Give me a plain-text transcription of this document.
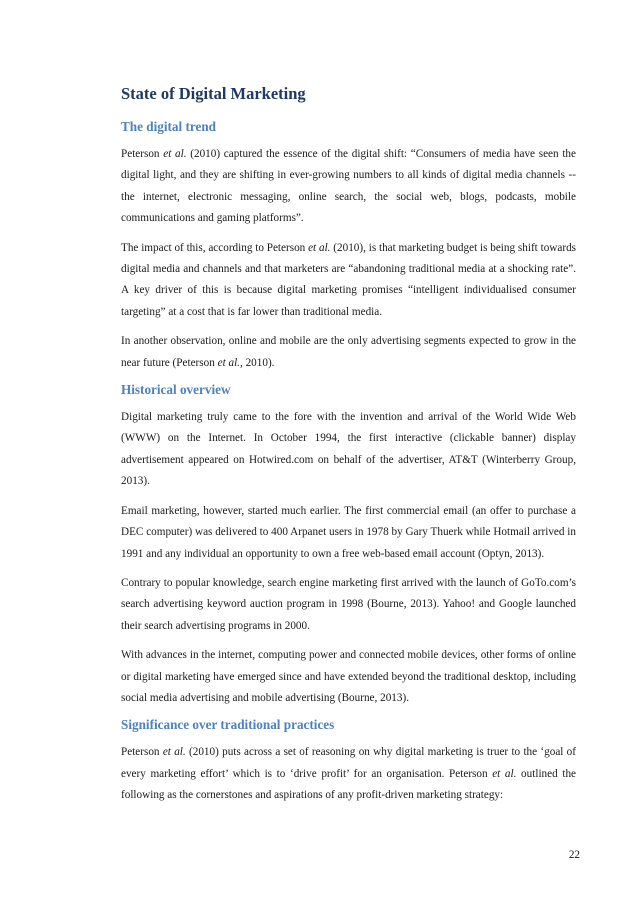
State of Digital Marketing
The digital trend

Peterson et al. (2010) captured the essence of the digital shift: “Consumers of media have seen the digital light, and they are shifting in ever-growing numbers to all kinds of digital media channels -- the internet, electronic messaging, online search, the social web, blogs, podcasts, mobile communications and gaming platforms”.

The impact of this, according to Peterson et al. (2010), is that marketing budget is being shift towards digital media and channels and that marketers are “abandoning traditional media at a shocking rate”. A key driver of this is because digital marketing promises “intelligent individualised consumer targeting” at a cost that is far lower than traditional media.

In another observation, online and mobile are the only advertising segments expected to grow in the near future (Peterson et al., 2010).

Historical overview

Digital marketing truly came to the fore with the invention and arrival of the World Wide Web (WWW) on the Internet. In October 1994, the first interactive (clickable banner) display advertisement appeared on Hotwired.com on behalf of the advertiser, AT&T (Winterberry Group, 2013).

Email marketing, however, started much earlier. The first commercial email (an offer to purchase a DEC computer) was delivered to 400 Arpanet users in 1978 by Gary Thuerk while Hotmail arrived in 1991 and any individual an opportunity to own a free web-based email account (Optyn, 2013).

Contrary to popular knowledge, search engine marketing first arrived with the launch of GoTo.com’s search advertising keyword auction program in 1998 (Bourne, 2013). Yahoo! and Google launched their search advertising programs in 2000.

With advances in the internet, computing power and connected mobile devices, other forms of online or digital marketing have emerged since and have extended beyond the traditional desktop, including social media advertising and mobile advertising (Bourne, 2013).

Significance over traditional practices

Peterson et al. (2010) puts across a set of reasoning on why digital marketing is truer to the ‘goal of every marketing effort’ which is to ‘drive profit’ for an organisation. Peterson et al. outlined the following as the cornerstones and aspirations of any profit-driven marketing strategy:

22
